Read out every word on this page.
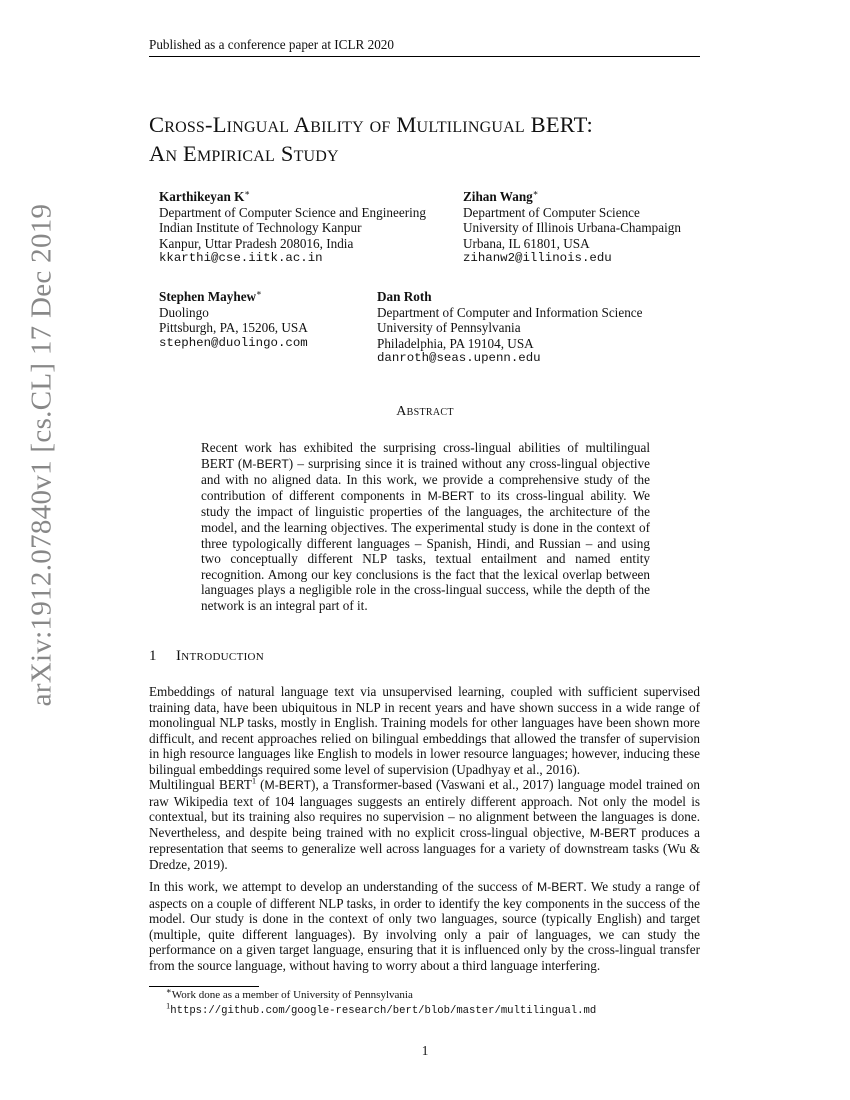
Published as a conference paper at ICLR 2020
arXiv:1912.07840v1 [cs.CL] 17 Dec 2019
Cross-Lingual Ability of Multilingual BERT:
An Empirical Study
Karthikeyan K∗
Department of Computer Science and Engineering
Indian Institute of Technology Kanpur
Kanpur, Uttar Pradesh 208016, India
kkarthi@cse.iitk.ac.in
Zihan Wang∗
Department of Computer Science
University of Illinois Urbana-Champaign
Urbana, IL 61801, USA
zihanw2@illinois.edu
Stephen Mayhew∗
Duolingo
Pittsburgh, PA, 15206, USA
stephen@duolingo.com
Dan Roth
Department of Computer and Information Science
University of Pennsylvania
Philadelphia, PA 19104, USA
danroth@seas.upenn.edu
Abstract
Recent work has exhibited the surprising cross-lingual abilities of multilingual BERT (M-BERT) – surprising since it is trained without any cross-lingual objective and with no aligned data. In this work, we provide a comprehensive study of the contribution of different components in M-BERT to its cross-lingual ability. We study the impact of linguistic properties of the languages, the architecture of the model, and the learning objectives. The experimental study is done in the context of three typologically different languages – Spanish, Hindi, and Russian – and using two conceptually different NLP tasks, textual entailment and named entity recognition. Among our key conclusions is the fact that the lexical overlap between languages plays a negligible role in the cross-lingual success, while the depth of the network is an integral part of it.
1 Introduction
Embeddings of natural language text via unsupervised learning, coupled with sufficient supervised training data, have been ubiquitous in NLP in recent years and have shown success in a wide range of monolingual NLP tasks, mostly in English. Training models for other languages have been shown more difficult, and recent approaches relied on bilingual embeddings that allowed the transfer of supervision in high resource languages like English to models in lower resource languages; however, inducing these bilingual embeddings required some level of supervision (Upadhyay et al., 2016).
Multilingual BERT$^1$ (M-BERT), a Transformer-based (Vaswani et al., 2017) language model trained on raw Wikipedia text of 104 languages suggests an entirely different approach. Not only the model is contextual, but its training also requires no supervision – no alignment between the languages is done. Nevertheless, and despite being trained with no explicit cross-lingual objective, M-BERT produces a representation that seems to generalize well across languages for a variety of downstream tasks (Wu & Dredze, 2019).
In this work, we attempt to develop an understanding of the success of M-BERT. We study a range of aspects on a couple of different NLP tasks, in order to identify the key components in the success of the model. Our study is done in the context of only two languages, source (typically English) and target (multiple, quite different languages). By involving only a pair of languages, we can study the performance on a given target language, ensuring that it is influenced only by the cross-lingual transfer from the source language, without having to worry about a third language interfering.
∗Work done as a member of University of Pennsylvania
$^1$https://github.com/google-research/bert/blob/master/multilingual.md
1
